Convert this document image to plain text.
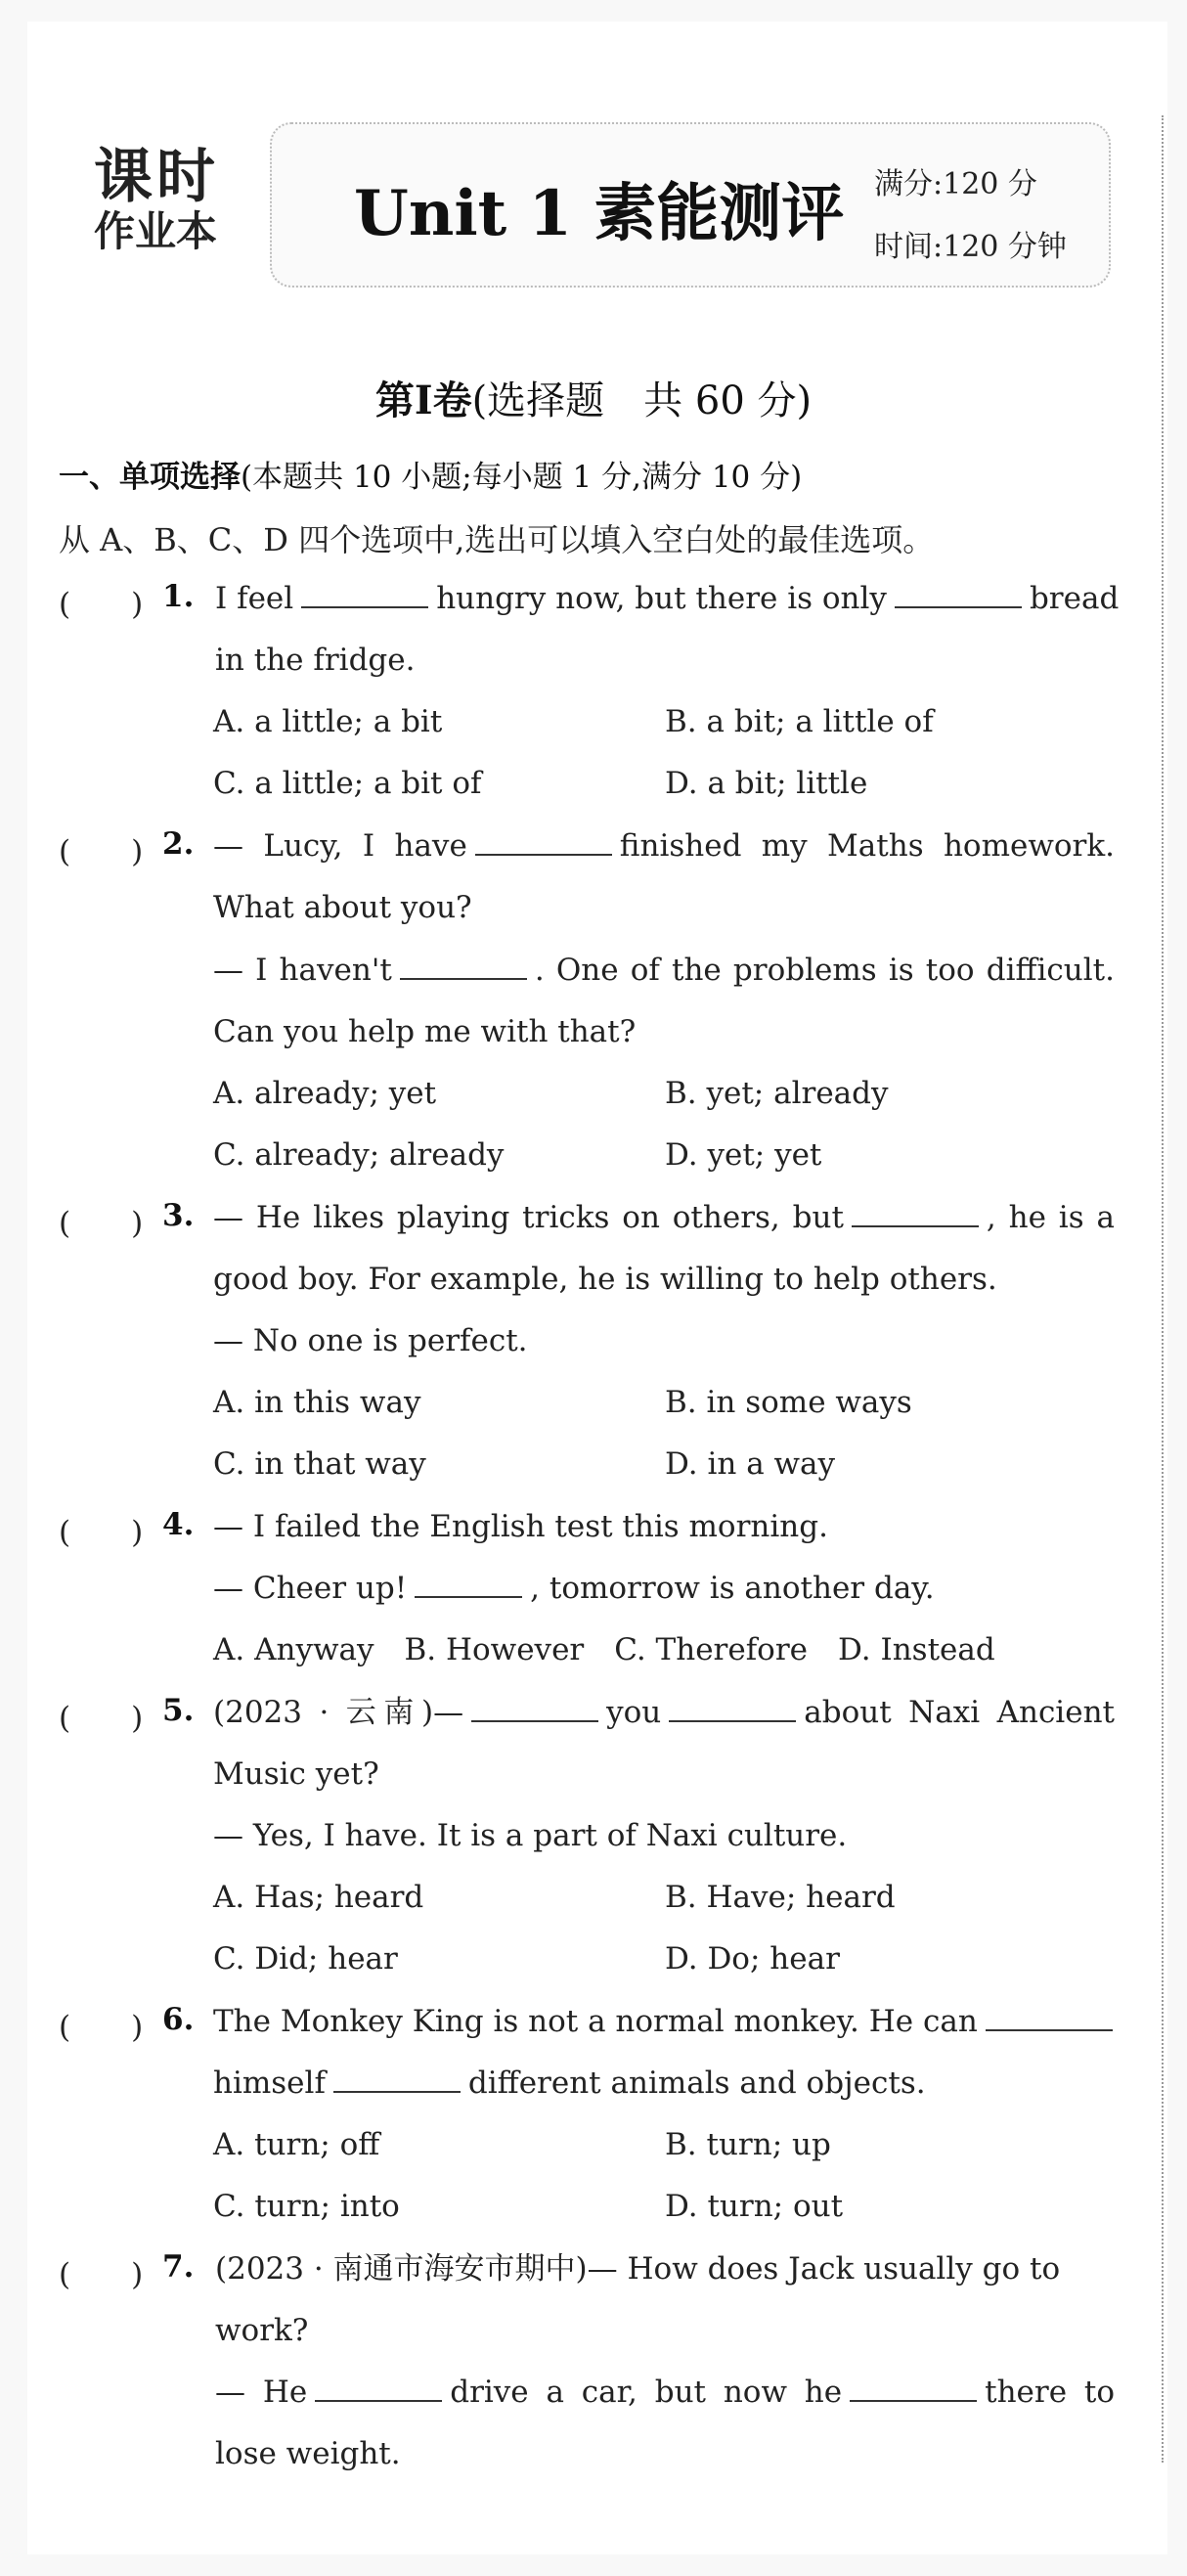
课时
作业本	Unit 1 素能测评 满分:120 分
时间:120 分钟
第Ⅰ卷(选择题　共 60 分)
一、单项选择(本题共 10 小题;每小题 1 分,满分 10 分)
从 A、B、C、D 四个选项中,选出可以填入空白处的最佳选项。
(　　) 1. I feel	hungry now, but there is only	bread
in the fridge.
A. a little; a bit	B. a bit; a little of
C. a little; a bit of	D. a bit; little
(　　) 2. — Lucy, I have	finished my Maths homework.
What about you?
— I haven't	. One of the problems is too difficult.
Can you help me with that?
A. already; yet	B. yet; already
C. already; already	D. yet; yet
(　　) 3. — He likes playing tricks on others, but	, he is a
good boy. For example, he is willing to help others.
— No one is perfect.
A. in this way	B. in some ways
C. in that way	D. in a way
(　　) 4. — I failed the English test this morning.
— Cheer up!	, tomorrow is another day.
A. Anyway　B. However　C. Therefore　D. Instead
(　　) 5. (2023 · 云南)—	you	about Naxi Ancient
Music yet?
— Yes, I have. It is a part of Naxi culture.
A. Has; heard	B. Have; heard
C. Did; hear	D. Do; hear
(　　) 6. The Monkey King is not a normal monkey. He can
himself	different animals and objects.
A. turn; off	B. turn; up
C. turn; into	D. turn; out
(　　) 7. (2023 · 南通市海安市期中)— How does Jack usually go to
work?
— He	drive a car, but now he	there to
lose weight.
